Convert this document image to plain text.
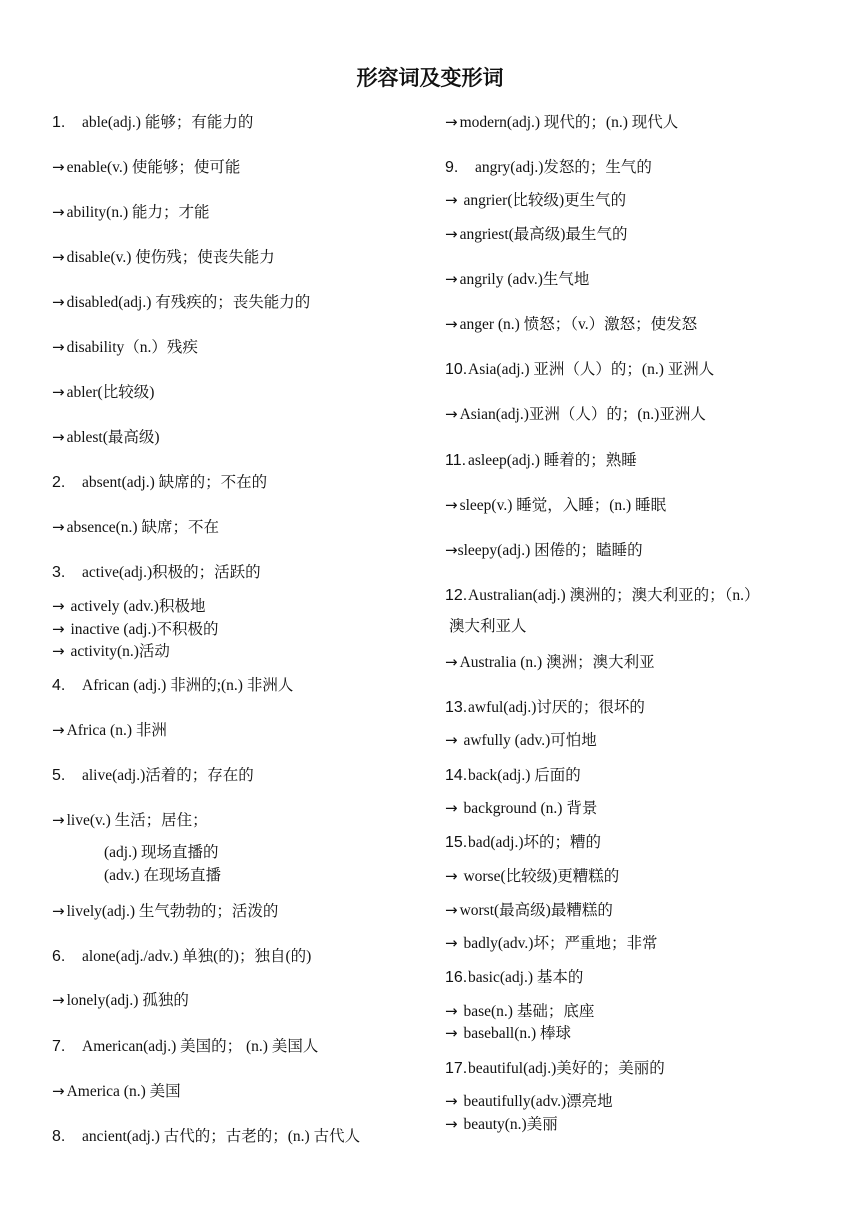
形容词及变形词
1. able(adj.) 能够；有能力的
→ enable(v.) 使能够；使可能
→ ability(n.) 能力；才能
→ disable(v.) 使伤残；使丧失能力
→ disabled(adj.) 有残疾的；丧失能力的
→ disability（n.）残疾
→ abler(比较级)
→ ablest(最高级)
2. absent(adj.) 缺席的；不在的
→ absence(n.) 缺席；不在
3. active(adj.)积极的；活跃的
→ actively (adv.)积极地
→ inactive (adj.)不积极的
→ activity(n.)活动
4. African (adj.) 非洲的;(n.) 非洲人
→ Africa (n.) 非洲
5. alive(adj.)活着的；存在的
→ live(v.) 生活；居住；
(adj.) 现场直播的
(adv.) 在现场直播
→ lively(adj.) 生气勃勃的；活泼的
6. alone(adj./adv.) 单独(的)；独自(的)
→ lonely(adj.) 孤独的
7. American(adj.) 美国的； (n.) 美国人
→ America (n.) 美国
8. ancient(adj.) 古代的；古老的；(n.) 古代人
→ modern(adj.) 现代的；(n.) 现代人
9. angry(adj.)发怒的；生气的
→ angrier(比较级)更生气的
→ angriest(最高级)最生气的
→ angrily (adv.)生气地
→ anger (n.) 愤怒；（v.）激怒；使发怒
10.Asia(adj.) 亚洲（人）的；(n.) 亚洲人
→ Asian(adj.)亚洲（人）的；(n.)亚洲人
11. asleep(adj.) 睡着的；熟睡
→ sleep(v.) 睡觉，入睡；(n.) 睡眠
→sleepy(adj.) 困倦的；瞌睡的
12.Australian(adj.) 澳洲的；澳大利亚的；（n.）
澳大利亚人
→ Australia (n.) 澳洲；澳大利亚
13.awful(adj.)讨厌的；很坏的
→ awfully (adv.)可怕地
14.back(adj.) 后面的
→ background (n.) 背景
15.bad(adj.)坏的；糟的
→ worse(比较级)更糟糕的
→ worst(最高级)最糟糕的
→ badly(adv.)坏；严重地；非常
16.basic(adj.) 基本的
→ base(n.) 基础；底座
→ baseball(n.) 棒球
17.beautiful(adj.)美好的；美丽的
→ beautifully(adv.)漂亮地
→ beauty(n.)美丽
